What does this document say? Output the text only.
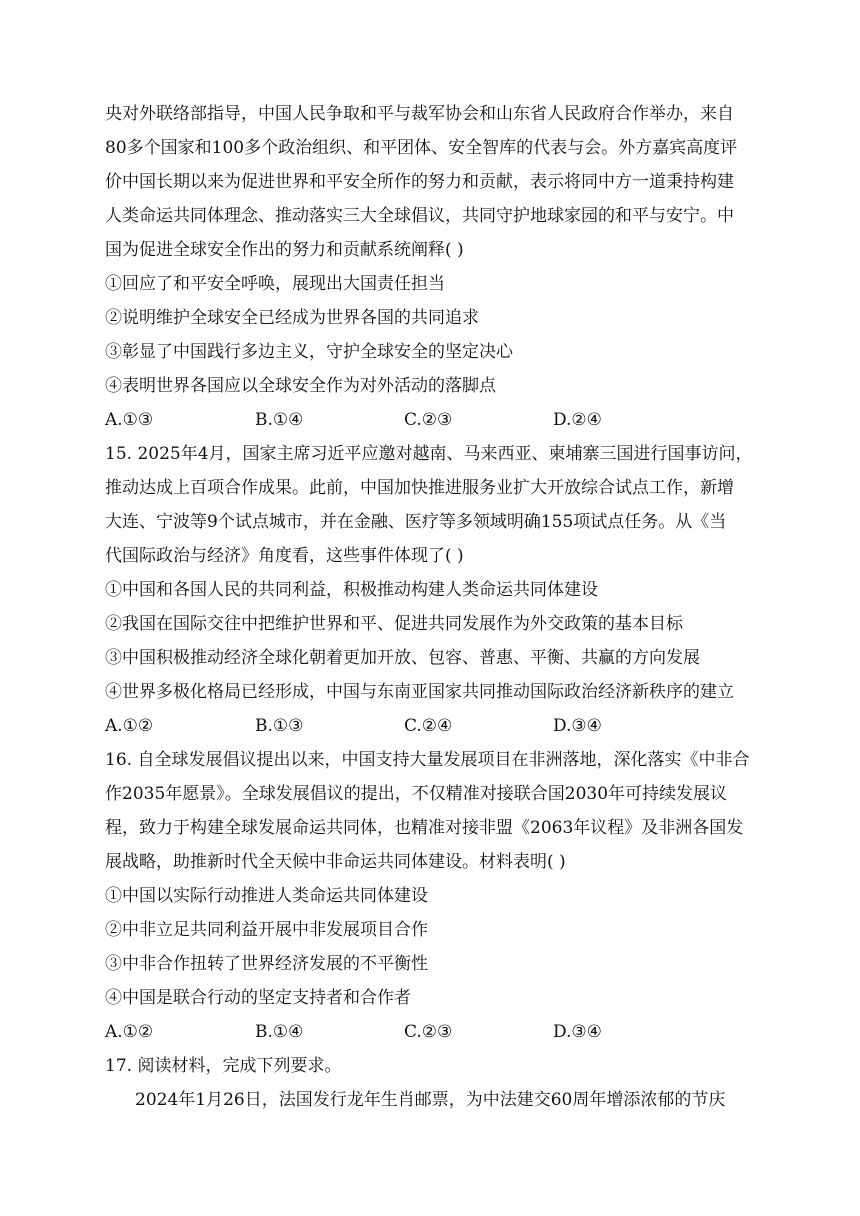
央对外联络部指导，中国人民争取和平与裁军协会和山东省人民政府合作举办，来自
80多个国家和100多个政治组织、和平团体、安全智库的代表与会。外方嘉宾高度评
价中国长期以来为促进世界和平安全所作的努力和贡献，表示将同中方一道秉持构建
人类命运共同体理念、推动落实三大全球倡议，共同守护地球家园的和平与安宁。中
国为促进全球安全作出的努力和贡献系统阐释( )
①回应了和平安全呼唤，展现出大国责任担当
②说明维护全球安全已经成为世界各国的共同追求
③彰显了中国践行多边主义，守护全球安全的坚定决心
④表明世界各国应以全球安全作为对外活动的落脚点
A.①③	B.①④	C.②③	D.②④
15. 2025年4月，国家主席习近平应邀对越南、马来西亚、柬埔寨三国进行国事访问，
推动达成上百项合作成果。此前，中国加快推进服务业扩大开放综合试点工作，新增
大连、宁波等9个试点城市，并在金融、医疗等多领域明确155项试点任务。从《当
代国际政治与经济》角度看，这些事件体现了( )
①中国和各国人民的共同利益，积极推动构建人类命运共同体建设
②我国在国际交往中把维护世界和平、促进共同发展作为外交政策的基本目标
③中国积极推动经济全球化朝着更加开放、包容、普惠、平衡、共赢的方向发展
④世界多极化格局已经形成，中国与东南亚国家共同推动国际政治经济新秩序的建立
A.①②	B.①③	C.②④	D.③④
16. 自全球发展倡议提出以来，中国支持大量发展项目在非洲落地，深化落实《中非合
作2035年愿景》。全球发展倡议的提出，不仅精准对接联合国2030年可持续发展议
程，致力于构建全球发展命运共同体，也精准对接非盟《2063年议程》及非洲各国发
展战略，助推新时代全天候中非命运共同体建设。材料表明( )
①中国以实际行动推进人类命运共同体建设
②中非立足共同利益开展中非发展项目合作
③中非合作扭转了世界经济发展的不平衡性
④中国是联合行动的坚定支持者和合作者
A.①②	B.①④	C.②③	D.③④
17. 阅读材料，完成下列要求。
2024年1月26日，法国发行龙年生肖邮票，为中法建交60周年增添浓郁的节庆
